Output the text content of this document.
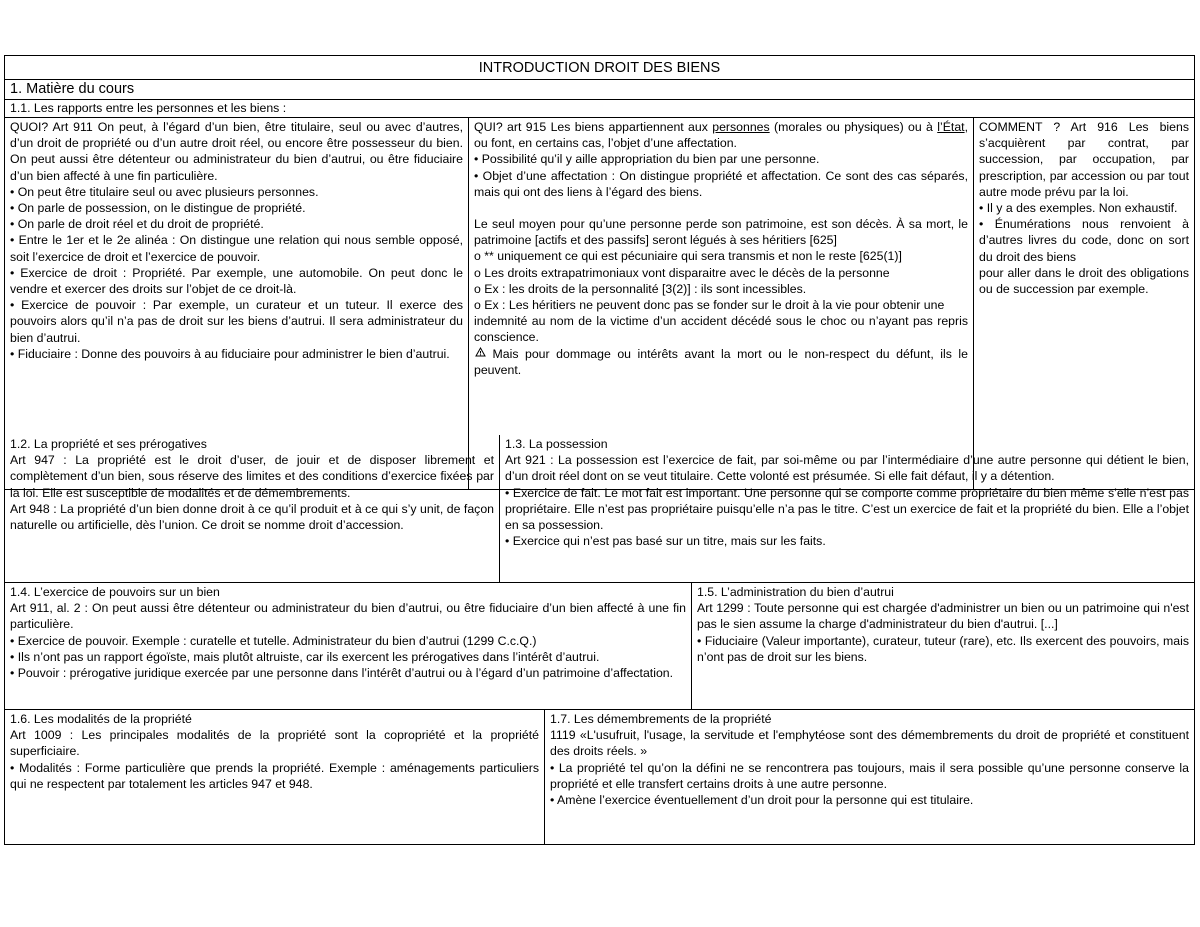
INTRODUCTION DROIT DES BIENS
1. Matière du cours
1.1. Les rapports entre les personnes et les biens :

QUOI? Art 911 On peut, à l’égard d’un bien, être titulaire, seul ou avec d’autres, d’un droit de propriété ou d’un autre droit réel, ou encore être possesseur du bien. On peut aussi être détenteur ou administrateur du bien d’autrui, ou être fiduciaire d’un bien affecté à une fin particulière.

• On peut être titulaire seul ou avec plusieurs personnes.

• On parle de possession, on le distingue de propriété.

• On parle de droit réel et du droit de propriété.

• Entre le 1er et le 2e alinéa : On distingue une relation qui nous semble opposé, soit l’exercice de droit et l’exercice de pouvoir.

• Exercice de droit : Propriété. Par exemple, une automobile. On peut donc le vendre et exercer des droits sur l’objet de ce droit-là.

• Exercice de pouvoir : Par exemple, un curateur et un tuteur. Il exerce des pouvoirs alors qu’il n’a pas de droit sur les biens d’autrui. Il sera administrateur du bien d’autrui.

• Fiduciaire : Donne des pouvoirs à au fiduciaire pour administrer le bien d’autrui.

QUI? art 915 Les biens appartiennent aux personnes (morales ou physiques) ou à l’État, ou font, en certains cas, l’objet d’une affectation.

• Possibilité qu’il y aille appropriation du bien par une personne.

• Objet d’une affectation : On distingue propriété et affectation. Ce sont des cas séparés, mais qui ont des liens à l’égard des biens.

Le seul moyen pour qu’une personne perde son patrimoine, est son décès. À sa mort, le patrimoine [actifs et des passifs] seront légués à ses héritiers [625]

o ** uniquement ce qui est pécuniaire qui sera transmis et non le reste [625(1)]

o Les droits extrapatrimoniaux vont disparaitre avec le décès de la personne

o Ex : les droits de la personnalité [3(2)] : ils sont incessibles.

o Ex : Les héritiers ne peuvent donc pas se fonder sur le droit à la vie pour obtenir une

indemnité au nom de la victime d’un accident décédé sous le choc ou n’ayant pas repris conscience.

Mais pour dommage ou intérêts avant la mort ou le non-respect du défunt, ils le peuvent.

COMMENT ? Art 916 Les biens s’acquièrent par contrat, par succession, par occupation, par prescription, par accession ou par tout autre mode prévu par la loi.

• Il y a des exemples. Non exhaustif.

• Énumérations nous renvoient à d’autres livres du code, donc on sort du droit des biens

pour aller dans le droit des obligations ou de succession par exemple.

1.2. La propriété et ses prérogatives

Art 947 : La propriété est le droit d’user, de jouir et de disposer librement et complètement d’un bien, sous réserve des limites et des conditions d’exercice fixées par la loi. Elle est susceptible de modalités et de démembrements.

Art 948 : La propriété d’un bien donne droit à ce qu’il produit et à ce qui s’y unit, de façon naturelle ou artificielle, dès l’union. Ce droit se nomme droit d’accession.

1.3. La possession

Art 921 : La possession est l’exercice de fait, par soi-même ou par l’intermédiaire d’une autre personne qui détient le bien, d’un droit réel dont on se veut titulaire. Cette volonté est présumée. Si elle fait défaut, il y a détention.

• Exercice de fait. Le mot fait est important. Une personne qui se comporte comme propriétaire du bien même s’elle n’est pas propriétaire. Elle n’est pas propriétaire puisqu’elle n’a pas le titre. C’est un exercice de fait et la propriété du bien. Elle a l’objet en sa possession.

• Exercice qui n’est pas basé sur un titre, mais sur les faits.

1.4. L’exercice de pouvoirs sur un bien

Art 911, al. 2 : On peut aussi être détenteur ou administrateur du bien d’autrui, ou être fiduciaire d’un bien affecté à une fin particulière.

• Exercice de pouvoir. Exemple : curatelle et tutelle. Administrateur du bien d’autrui (1299 C.c.Q.)

• Ils n’ont pas un rapport égoïste, mais plutôt altruiste, car ils exercent les prérogatives dans l’intérêt d’autrui.

• Pouvoir : prérogative juridique exercée par une personne dans l’intérêt d’autrui ou à l’égard d’un patrimoine d’affectation.

1.5. L’administration du bien d’autrui

Art 1299 : Toute personne qui est chargée d'administrer un bien ou un patrimoine qui n'est pas le sien assume la charge d'administrateur du bien d'autrui. [...]

• Fiduciaire (Valeur importante), curateur, tuteur (rare), etc. Ils exercent des pouvoirs, mais n’ont pas de droit sur les biens.

1.6. Les modalités de la propriété

Art 1009 : Les principales modalités de la propriété sont la copropriété et la propriété superficiaire.

• Modalités : Forme particulière que prends la propriété. Exemple : aménagements particuliers qui ne respectent par totalement les articles 947 et 948.

1.7. Les démembrements de la propriété

1119 «L'usufruit, l'usage, la servitude et l'emphytéose sont des démembrements du droit de propriété et constituent des droits réels. »

• La propriété tel qu’on la défini ne se rencontrera pas toujours, mais il sera possible qu’une personne conserve la propriété et elle transfert certains droits à une autre personne.

• Amène l’exercice éventuellement d’un droit pour la personne qui est titulaire.
